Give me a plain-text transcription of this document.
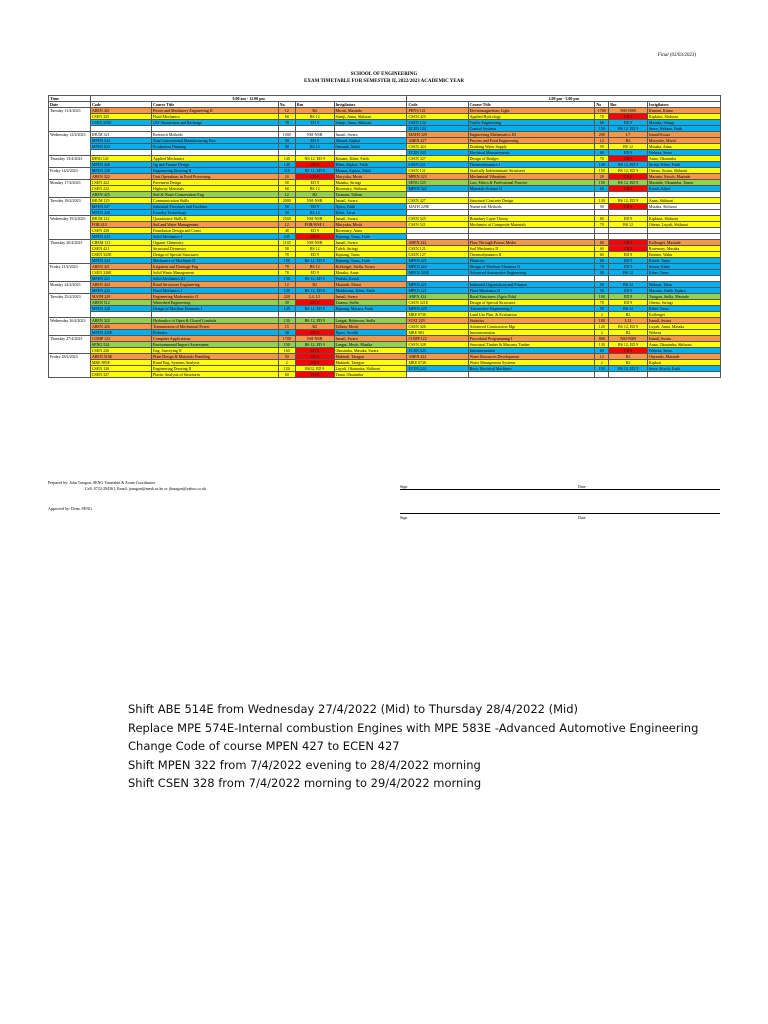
Final (03/03/2023)
SCHOOL OF ENGINEERING
EXAM TIMETABLE FOR SEMESTER II, 2022/2023 ACADEMIC YEAR
Time	9.00 am - 12.00 pm					2.00 pm - 5.00 pm				
Date	Code	Course Title	No.	Rm	Invigilators	Code	Course Title	No	Rm	Invigilators
Tuesday 11/4/2023	ABEN 421	Power and Machinery Engineering II	12	R2	Mwaii, Masinde	PHYS 121	Electromagnetism, Light	1700	NSI-NSB	Kimani, Kiimo
	CSEN 325	Fluid Mechanics	68	BS 12	Sirinji, Anna, Shiluoni	CSEN 425	Applied Hydrology	78	CB 9	Kipkirui, Shiluoni
	CSEN 325E	GW Abstraction and Recharge	78	ED 9	Sirinji, Anna, Shiluoni	CSEN 122	Traffic Engineering	68	ED 9	Masaka, Siringi
						ECEN 124	Control Systems	150	BS 12, ED 9	Sewe, Wekesa, Faith
Wednesday 12/4/2023	IHUM 321	Research Methods	1000	NSI-NSB	Ismail, Swara	MATH 329	Engineering Mathematics III	200	L7	Ismail/Swara
	MPEN 322	Non-Conventional Manufacturing Proc	50	ED 9	Ahmed, Kipkoi	ABEN 427	Process and Food Engineering	12	R2	Mucyoke, Mwiti
	MPEN 623	Production Planning	80	BS 12	Omondi, Ndirii	CSEN 424	Drinking Water Supply	59	BS 12	Mutaka, Anna
						ECEN 325	Electrical Measurements	68	ED 9	Wekesa, Sewe
Thursday 13/4/2023	IHNG 121	Applied Mechanics	140	NS 12, ED 9	Kimani, Kibet, Faith	CSEN 327	Design of Bridges	70	CB 9	Anna, Okusimba
	MPEN 426	Jig and Fixture Design	140	CB 9	Kibet, Kipkoi, Faith	CSEN 221	Thermodynamics I	140	BS 12, ED 9	Sirinji, Kibet, Faith
Friday 14/4/2023	MPEN 128	Engineering Drawing II	110	BS 12, ED 9	Masara, Kipkoi, Faith	CSEN 121	Statically Indeterminate Structures	150	BS 12, ED 9	Otieno, Swara, Shiluoni
	ABEN 322	Unit Operations in Food Processing	20	CB 9	Mucyoka, Mwiti	MPEN 323	Mechanical Vibrations	20	CB 9	Macario, Kosch, Masinde
Monday 17/4/2023	CSEN 422	Pavement Design	58	ED 9	Masaka, Siringi	SENG 525	Law, Ethics & Professional Practice	150	BS 12, ED 9	Masinde, Okusimba, Tamar
	CSEN 222	Highway Materials	68	BS 12	Rosemary, Shiluoni	MPEN 322	Materials Science II	68	CB 9	Kosch, Kibet
	ABEN 425	Soil & Water Conservation Eng	12	R2	Tarasatu, Tallam					
Tuesday 18/4/2023	IHUM 125	Communication Skills	2000	NSI-NSB	Ismail, Swara	CSEN 427	Structural Concrete Design	130	BS 12, ED 9	Anna, Shiluoni
	MPEN 527	Industrial Processes and Facilities	50	ED 9	Njoro, Faith	MATH 229E	Numerical Methods	90	CB 9	Mutaka, Shiluoni
	MPEN 428	Foundry Technology	50	BS 12	Kibet, Tarus					
Wednesday 19/4/2023	IHUM 122	Quantitative Skills II	2500	NSI-NSB	Ismail, Swara	CSEN 325	Boundary Layer Theory	60	ED 9	Kipkirui, Shiluoni
	FOR 410	Soil and Water Management	12	FOR/WSF 1	Mucyoka, Mwiti	CSEN 521	Mechanics of Composite Materials	70	BS 12	Otieno, Luyali, Shiluoni
	CSEN 428	Foundation Design and Const	48	ED 9	Rosemary, Anna					
	MPEN 223	Solid Mechanics I	245	CB 9	Kipsang, Tarus, Faith					
Thursday 20/4/2023	CHEM 121	Organic Chemistry	1105	NSI-NSB	Ismail, Swara	ABEN 222	Flow Through Porous Media	60	CB 9	Kollongei, Masinde
	CSEN 421	Structural Dynamics	58	BS 12	Tuleli, Siringi	CSEN 121	Soil Mechanics II	60	CB 9	Rosemary, Masaka
	CSEN 325E	Design of Special Structures	78	ED 9	Kipsang, Tarus	CSEN 127	Thermodynamics II	60	ED 9	Ememe, Waku
	MPEN 224	Mechanics of Machines II	150	BS 12, ED 9	Kipsang, Tarus, Faith	MPEN 421	Plasticity	60	ED 9	Kosch, Tarus
Friday 21/4/2023	ABEN 421	Irrigation and Drainage Eng	78	BS 12	Kollongei, Stella, Swara	MPEN 422	Design of Machine Elements II	78	ED 9	Swara, Kibet
	CSEN 326E	Solid Waste Management	78	ED 9	Masaka, Anna	MPEN 328E	Advanced Automotive Engineering	58	BS 12	Kibet, Tarus
	MPEN 221	Solid Mechanics III	130	BS 12, ED 9	Wafula, Kosch					
Monday 24/4/2023	ABEN 424	Rural Structures Engineering	12	R2	Masinde, Mutai	MPEN 421	Industrial Organisation and Finance	58	BS 12	Wekesa, Tarus
	MPEN 222	Fluid Mechanics I	130	BS 12, ED 9	Mokbwana, Kibet, Faith	MPEN 221	Fluid Mechanics II	58	ED 9	Macario, Faith, Kipkoi
Tuesday 25/4/2023	MATH 229	Engineering Mathematics II	220	L4, L5	Ismail, Swara	ABEN 424	Rural Structures (Agric/Edu)	100	ED 9	Taragon, Stella, Masinde
	ABEN 512	Watershed Engineering	30	CB 9	Tatamu, Stella	CSEN 321E	Design of Special Structures	78	ED 9	Otieno, Siringi
	MPEN 328	Design of Machine Elements I	145	BS 12, ED 9	Kipsang, Masara, Faith	MPEN 428	Automotive Engineering I	58	BS 12	Kibet, Tarus
						MRE 873E	Land Use Plan. & Evaluation	2	R2	Kollongei
Wednesday 26/4/2023	ABEN 322	Hydraulics of Open & Closed Conduits	130	BS 12, ED 9	Langat, Robinson, Stella	STAT 229	Statistics	100	L12	Ismail, Swara
	ABEN 426	Transmission of Mechanical Power	15	R2	Tallam, Mwiti	CSEN 426	Advanced Construction Mgt	120	BS 12, ED 9	Luyali, Anna, Masaka
	MPEN 325E	Robotics	48	CB 9	Njoro, Swalih	MRE 883	Instrumentation	2	R2	Wekesa
Thursday 27/4/2023	COMP 123	Computer Applications	1700	NSI-NSB	Ismail, Swara	COMP 122	Procedural Programming I	800	NSI-NSB	Ismail, Swara
	SENG 524	Environmental Impact Assessment	150	BS 12, ED 9	Langat, Mwiti, Masika	CSEN 328	Structural Timber & Masonry Timber	130	BS 12, ED 9	Anna, Okusimba, Shiluoni
	CSEN 226	Eng. Surveying II	160	CB 9	Okusimba, Masaka, Swara	ECEN 425	Instrumentation	60	CB 9	Wekesa, Sewe
Friday 28/4/2023	ABEN 516E	Plant Design & Materials Handling	50	CB 9	Mubindi, Taragon	ABEN 422	Water Resources Development	12	R2	Onyando, Masinde
	MRE 883E	Rural Eng. Systems Analysis	2	CB 9	Mubindi, Taragon	MRE 872E	Water Management Systems	2	R2	Kipkoti
	CSEN 126	Engineering Drawing II	120	BS12, ED 9	Luyali, Okusimba, Shiluoni	ECEN 224	Basic Electrical Machines	150	BS 12, ED 9	Sewe, Kosch, Faith
	CSEN 327	Plastic Analysis of Structures	60	CB 9	Tanui, Okusimba					
Prepared by: John Taragon, SENG Timetable & Exam Coordinator
Cell: 0722-294361, Email: jtaragon@mesk.ac.ke or jltaragon@yahoo.co.uk	Sign	Date
Approved by: Dean, SENG
Sign	Date
Shift ABE 514E from Wednesday 27/4/2022 (Mid) to Thursday 28/4/2022 (Mid)
Replace MPE 574E-Internal combustion Engines with MPE 583E -Advanced Automotive Engineering
Change Code of course MPEN 427 to ECEN 427
Shift MPEN 322 from 7/4/2022 evening to 28/4/2022 morning
Shift CSEN 328 from 7/4/2022 morning to 29/4/2022 morning
